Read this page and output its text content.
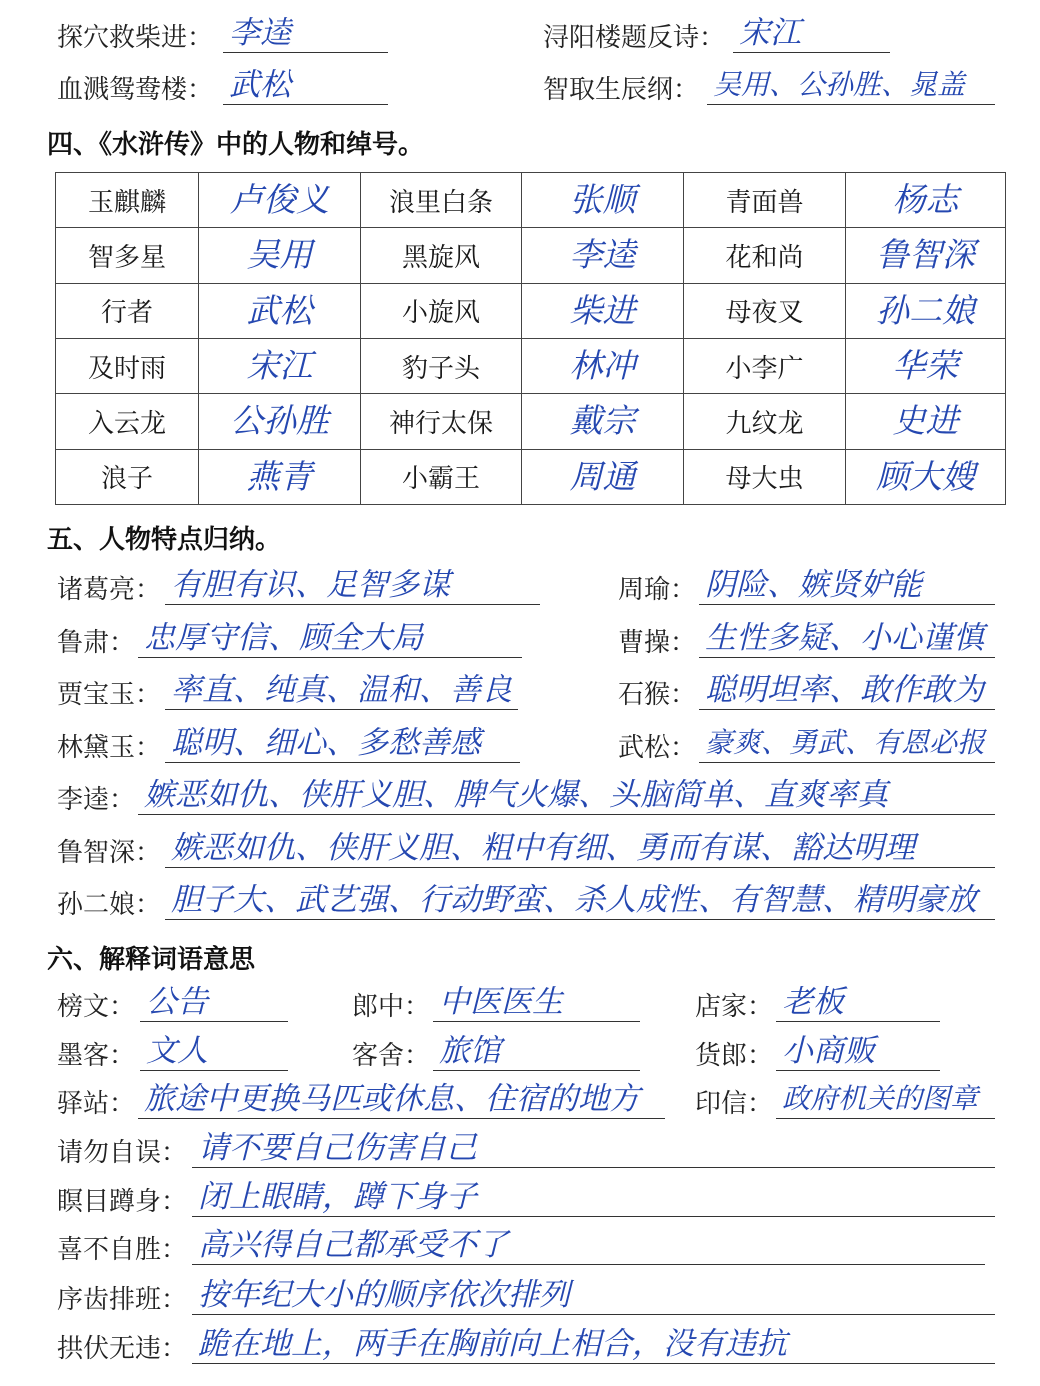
探穴救柴进： 李逵	浔阳楼题反诗： 宋江
血溅鸳鸯楼： 武松	智取生辰纲： 吴用、公孙胜、晁盖
四、《水浒传》中的人物和绰号。
玉麒麟	卢俊义	浪里白条	张顺	青面兽	杨志
智多星	吴用	黑旋风	李逵	花和尚	鲁智深
行者	武松	小旋风	柴进	母夜叉	孙二娘
及时雨	宋江	豹子头	林冲	小李广	华荣
入云龙	公孙胜	神行太保	戴宗	九纹龙	史进
浪子	燕青	小霸王	周通	母大虫	顾大嫂
五、人物特点归纳。
诸葛亮： 有胆有识、足智多谋	周瑜： 阴险、嫉贤妒能
鲁肃： 忠厚守信、顾全大局	曹操： 生性多疑、小心谨慎
贾宝玉： 率直、纯真、温和、善良	石猴： 聪明坦率、敢作敢为
林黛玉： 聪明、细心、多愁善感	武松： 豪爽、勇武、有恩必报
李逵： 嫉恶如仇、侠肝义胆、脾气火爆、头脑简单、直爽率真
鲁智深： 嫉恶如仇、侠肝义胆、粗中有细、勇而有谋、豁达明理
孙二娘： 胆子大、武艺强、行动野蛮、杀人成性、有智慧、精明豪放
六、解释词语意思
榜文： 公告	郎中： 中医医生	店家： 老板
墨客： 文人	客舍： 旅馆	货郎： 小商贩
驿站： 旅途中更换马匹或休息、住宿的地方 印信： 政府机关的图章
请勿自误： 请不要自己伤害自己
瞑目蹲身： 闭上眼睛，蹲下身子
喜不自胜： 高兴得自己都承受不了
序齿排班： 按年纪大小的顺序依次排列
拱伏无违： 跪在地上，两手在胸前向上相合，没有违抗
